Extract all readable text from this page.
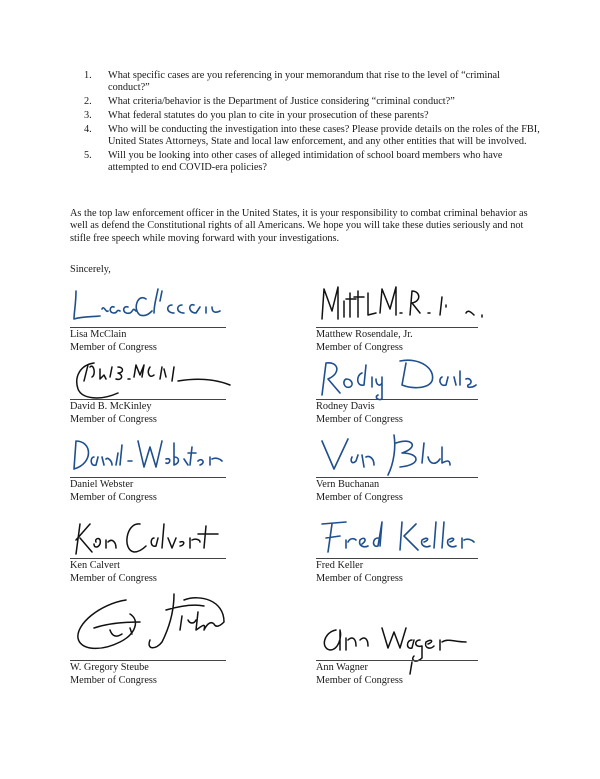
1. What specific cases are you referencing in your memorandum that rise to the level of “criminal conduct?”
2. What criteria/behavior is the Department of Justice considering “criminal conduct?”
3. What federal statutes do you plan to cite in your prosecution of these parents?
4. Who will be conducting the investigation into these cases? Please provide details on the roles of the FBI, United States Attorneys, State and local law enforcement, and any other entities that will be involved.
5. Will you be looking into other cases of alleged intimidation of school board members who have attempted to end COVID-era policies?

As the top law enforcement officer in the United States, it is your responsibility to combat criminal behavior as well as defend the Constitutional rights of all Americans. We hope you will take these duties seriously and not stifle free speech while moving forward with your investigations.

Sincerely,

Lisa McClain
Member of Congress
Matthew Rosendale, Jr.
Member of Congress
David B. McKinley
Member of Congress
Rodney Davis
Member of Congress
Daniel Webster
Member of Congress
Vern Buchanan
Member of Congress
Ken Calvert
Member of Congress
Fred Keller
Member of Congress
W. Gregory Steube
Member of Congress
Ann Wagner
Member of Congress
